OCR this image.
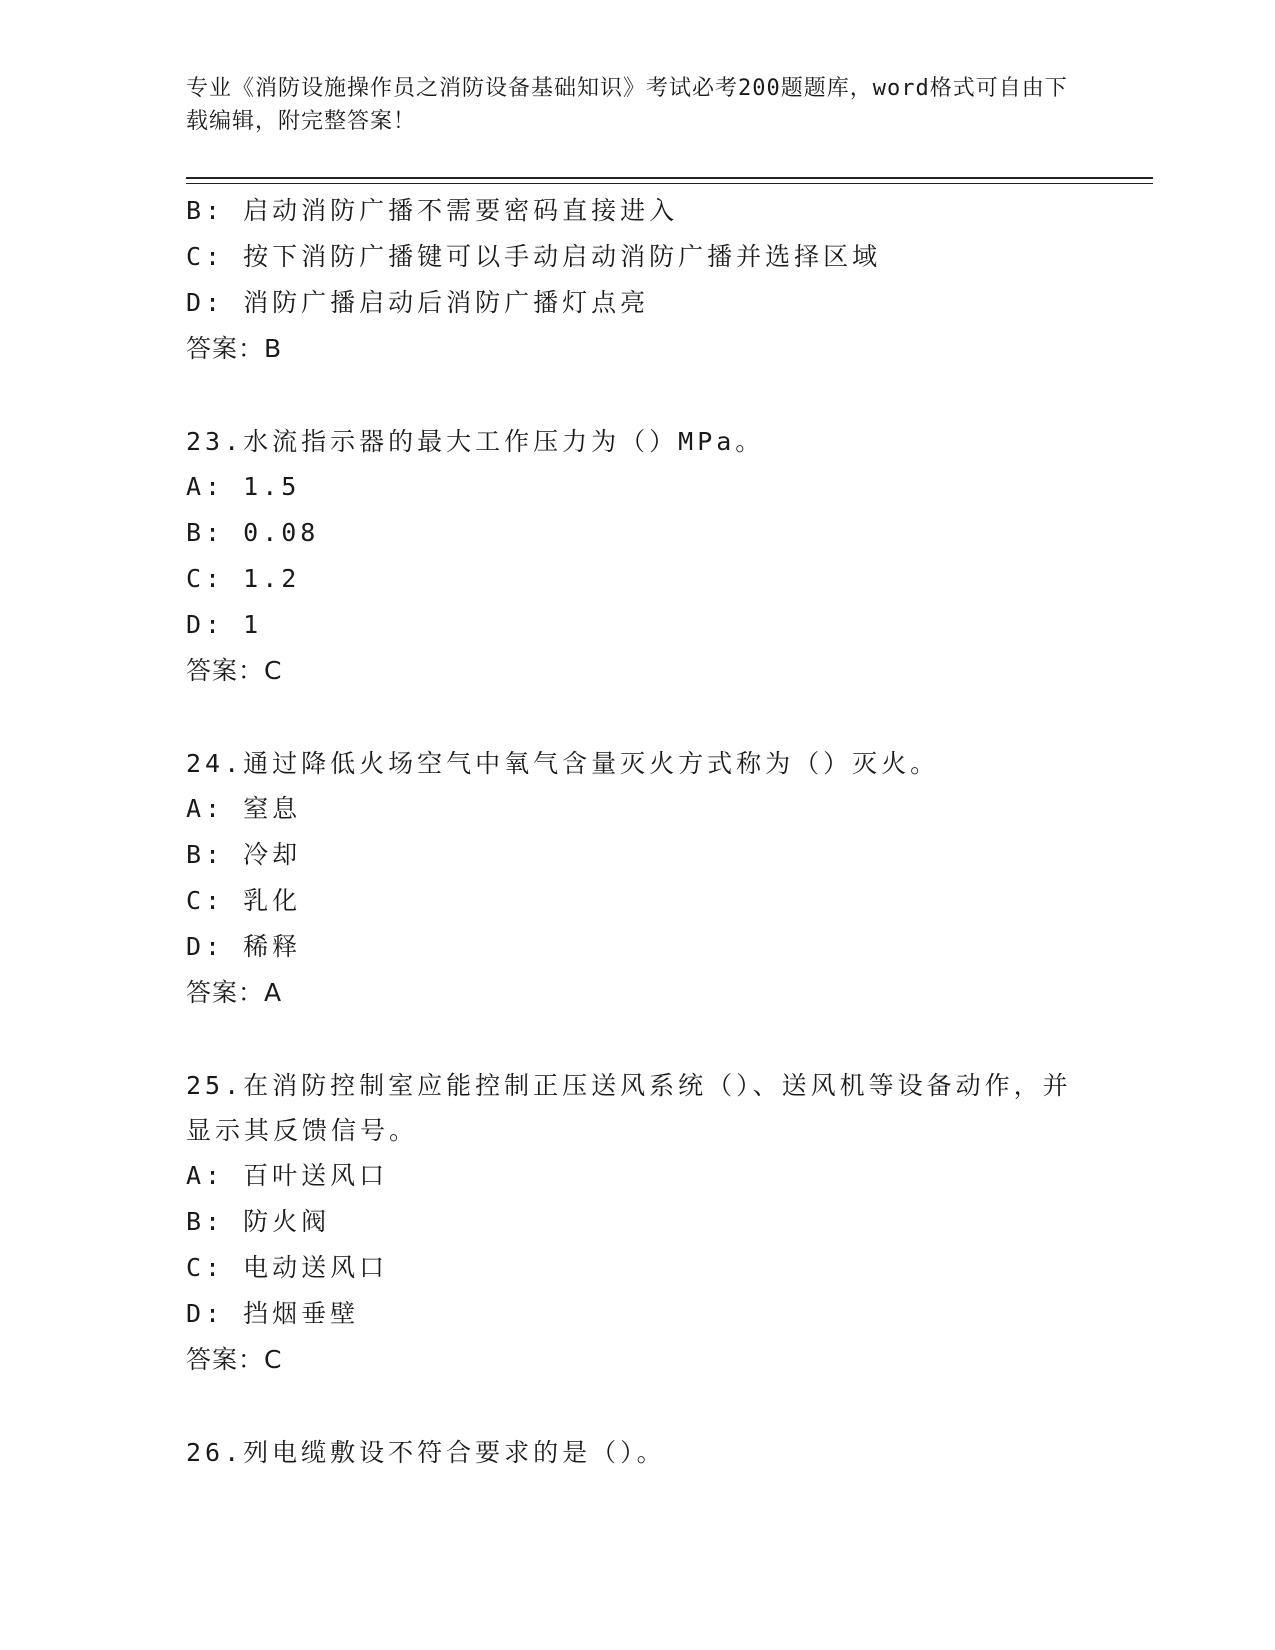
专业《消防设施操作员之消防设备基础知识》考试必考200题题库，word格式可自由下载编辑，附完整答案！
B: 启动消防广播不需要密码直接进入
C: 按下消防广播键可以手动启动消防广播并选择区域
D: 消防广播启动后消防广播灯点亮
答案：B
23.水流指示器的最大工作压力为（）MPa。
A: 1.5
B: 0.08
C: 1.2
D: 1
答案：C
24.通过降低火场空气中氧气含量灭火方式称为（）灭火。
A: 窒息
B: 冷却
C: 乳化
D: 稀释
答案：A
25.在消防控制室应能控制正压送风系统（）、送风机等设备动作，并显示其反馈信号。
A: 百叶送风口
B: 防火阀
C: 电动送风口
D: 挡烟垂壁
答案：C
26.列电缆敷设不符合要求的是（）。
